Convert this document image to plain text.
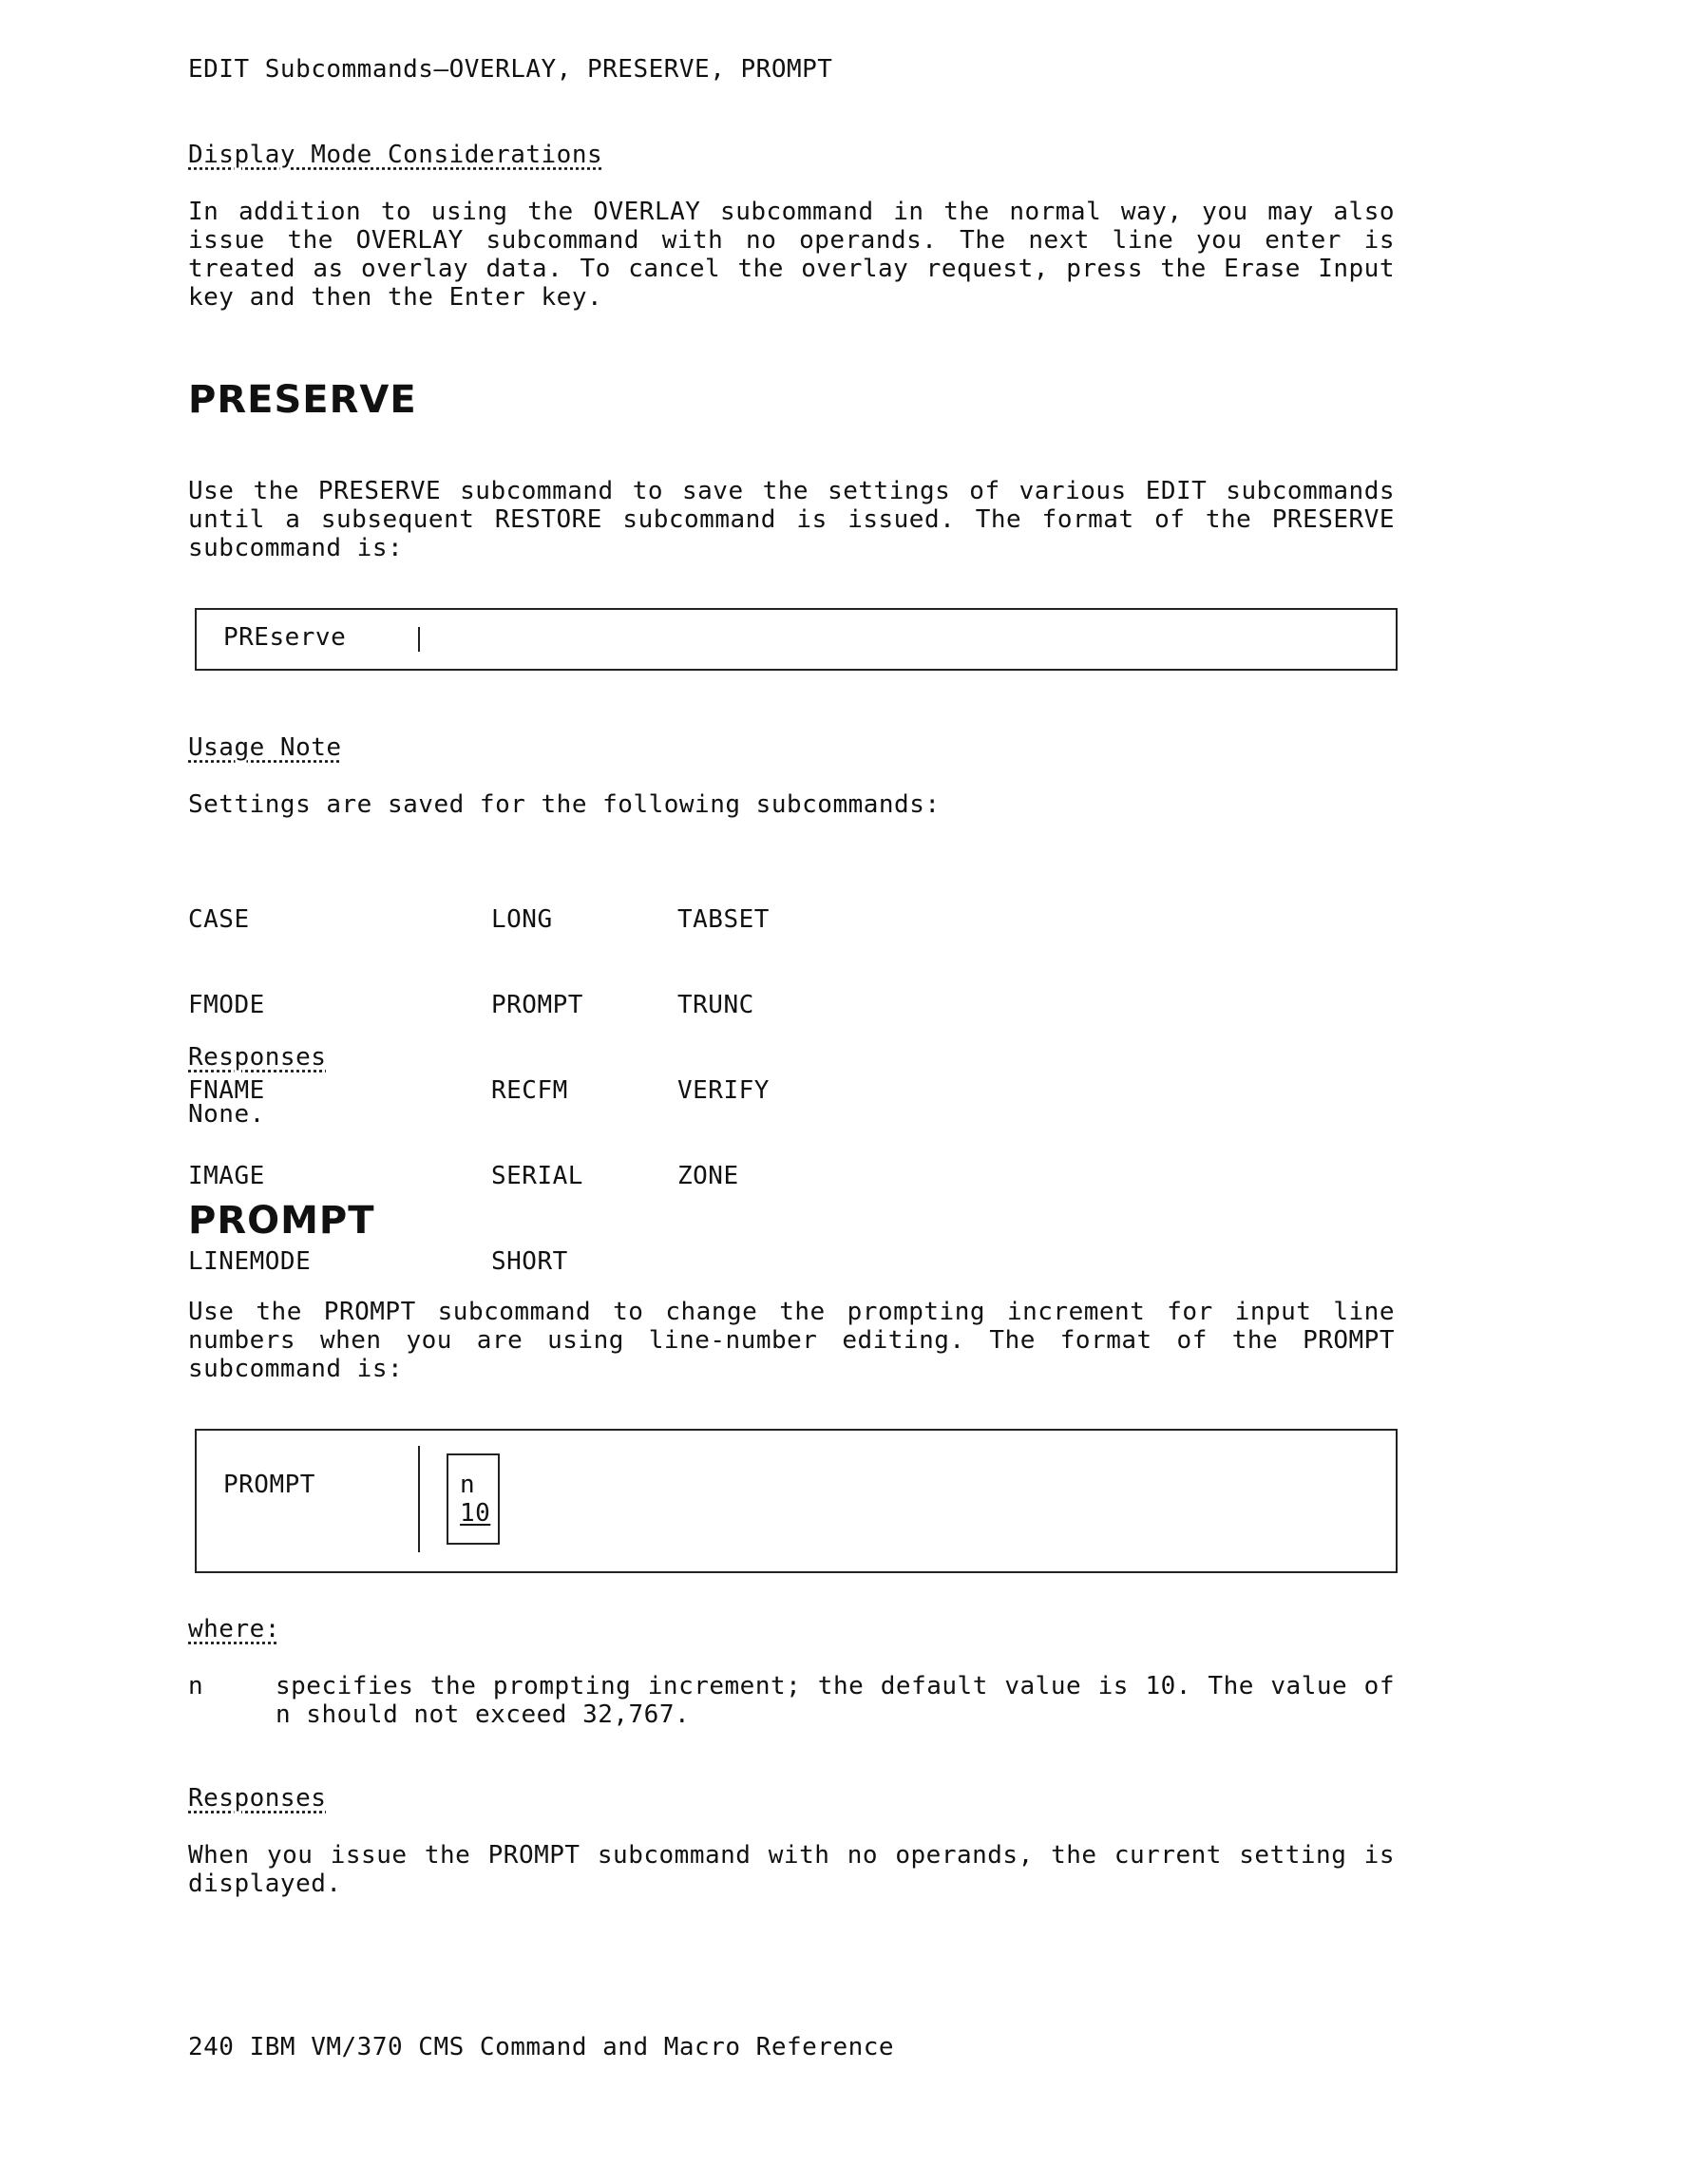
EDIT Subcommands—OVERLAY, PRESERVE, PROMPT
Display Mode Considerations
In addition to using the OVERLAY subcommand in the normal way, you may also issue the OVERLAY subcommand with no operands. The next line you enter is treated as overlay data. To cancel the overlay request, press the Erase Input key and then the Enter key.
PRESERVE
Use the PRESERVE subcommand to save the settings of various EDIT subcommands until a subsequent RESTORE subcommand is issued. The format of the PRESERVE subcommand is:
PREserve
Usage Note
Settings are saved for the following subcommands:

CASE

FMODE

FNAME

IMAGE

LINEMODE

LONG

PROMPT

RECFM

SERIAL

SHORT

TABSET

TRUNC

VERIFY

ZONE

Responses
None.
PROMPT
Use the PROMPT subcommand to change the prompting increment for input line numbers when you are using line-number editing. The format of the PROMPT subcommand is:
PROMPT	n
10
where:
n	specifies the prompting increment; the default value is 10. The value of n should not exceed 32,767.
Responses
When you issue the PROMPT subcommand with no operands, the current setting is displayed.
240 IBM VM/370 CMS Command and Macro Reference
